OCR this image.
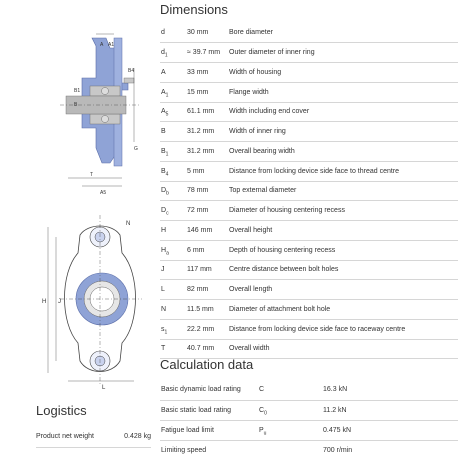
A A1
B4
B
B1
G
T
A5
H J
N
L
Dimensions
d	30 mm	Bore diameter
$d_1$	≈ 39.7 mm	Outer diameter of inner ring
A	33 mm	Width of housing
$A_1$	15 mm	Flange width
$A_5$	61.1 mm	Width including end cover
B	31.2 mm	Width of inner ring
$B_1$	31.2 mm	Overall bearing width
$B_4$	5 mm	Distance from locking device side face to thread centre
$D_b$	78 mm	Top external diameter
$D_c$	72 mm	Diameter of housing centering recess
H	146 mm	Overall height
$H_a$	6 mm	Depth of housing centering recess
J	117 mm	Centre distance between bolt holes
L	82 mm	Overall length
N	11.5 mm	Diameter of attachment bolt hole
$s_1$	22.2 mm	Distance from locking device side face to raceway centre
T	40.7 mm	Overall width
Calculation data
Basic dynamic load rating	C	16.3 kN
Basic static load rating	$C_0$	11.2 kN
Fatigue load limit	$P_u$	0.475 kN
Limiting speed		700 r/min
Logistics
Product net weight	0.428 kg
